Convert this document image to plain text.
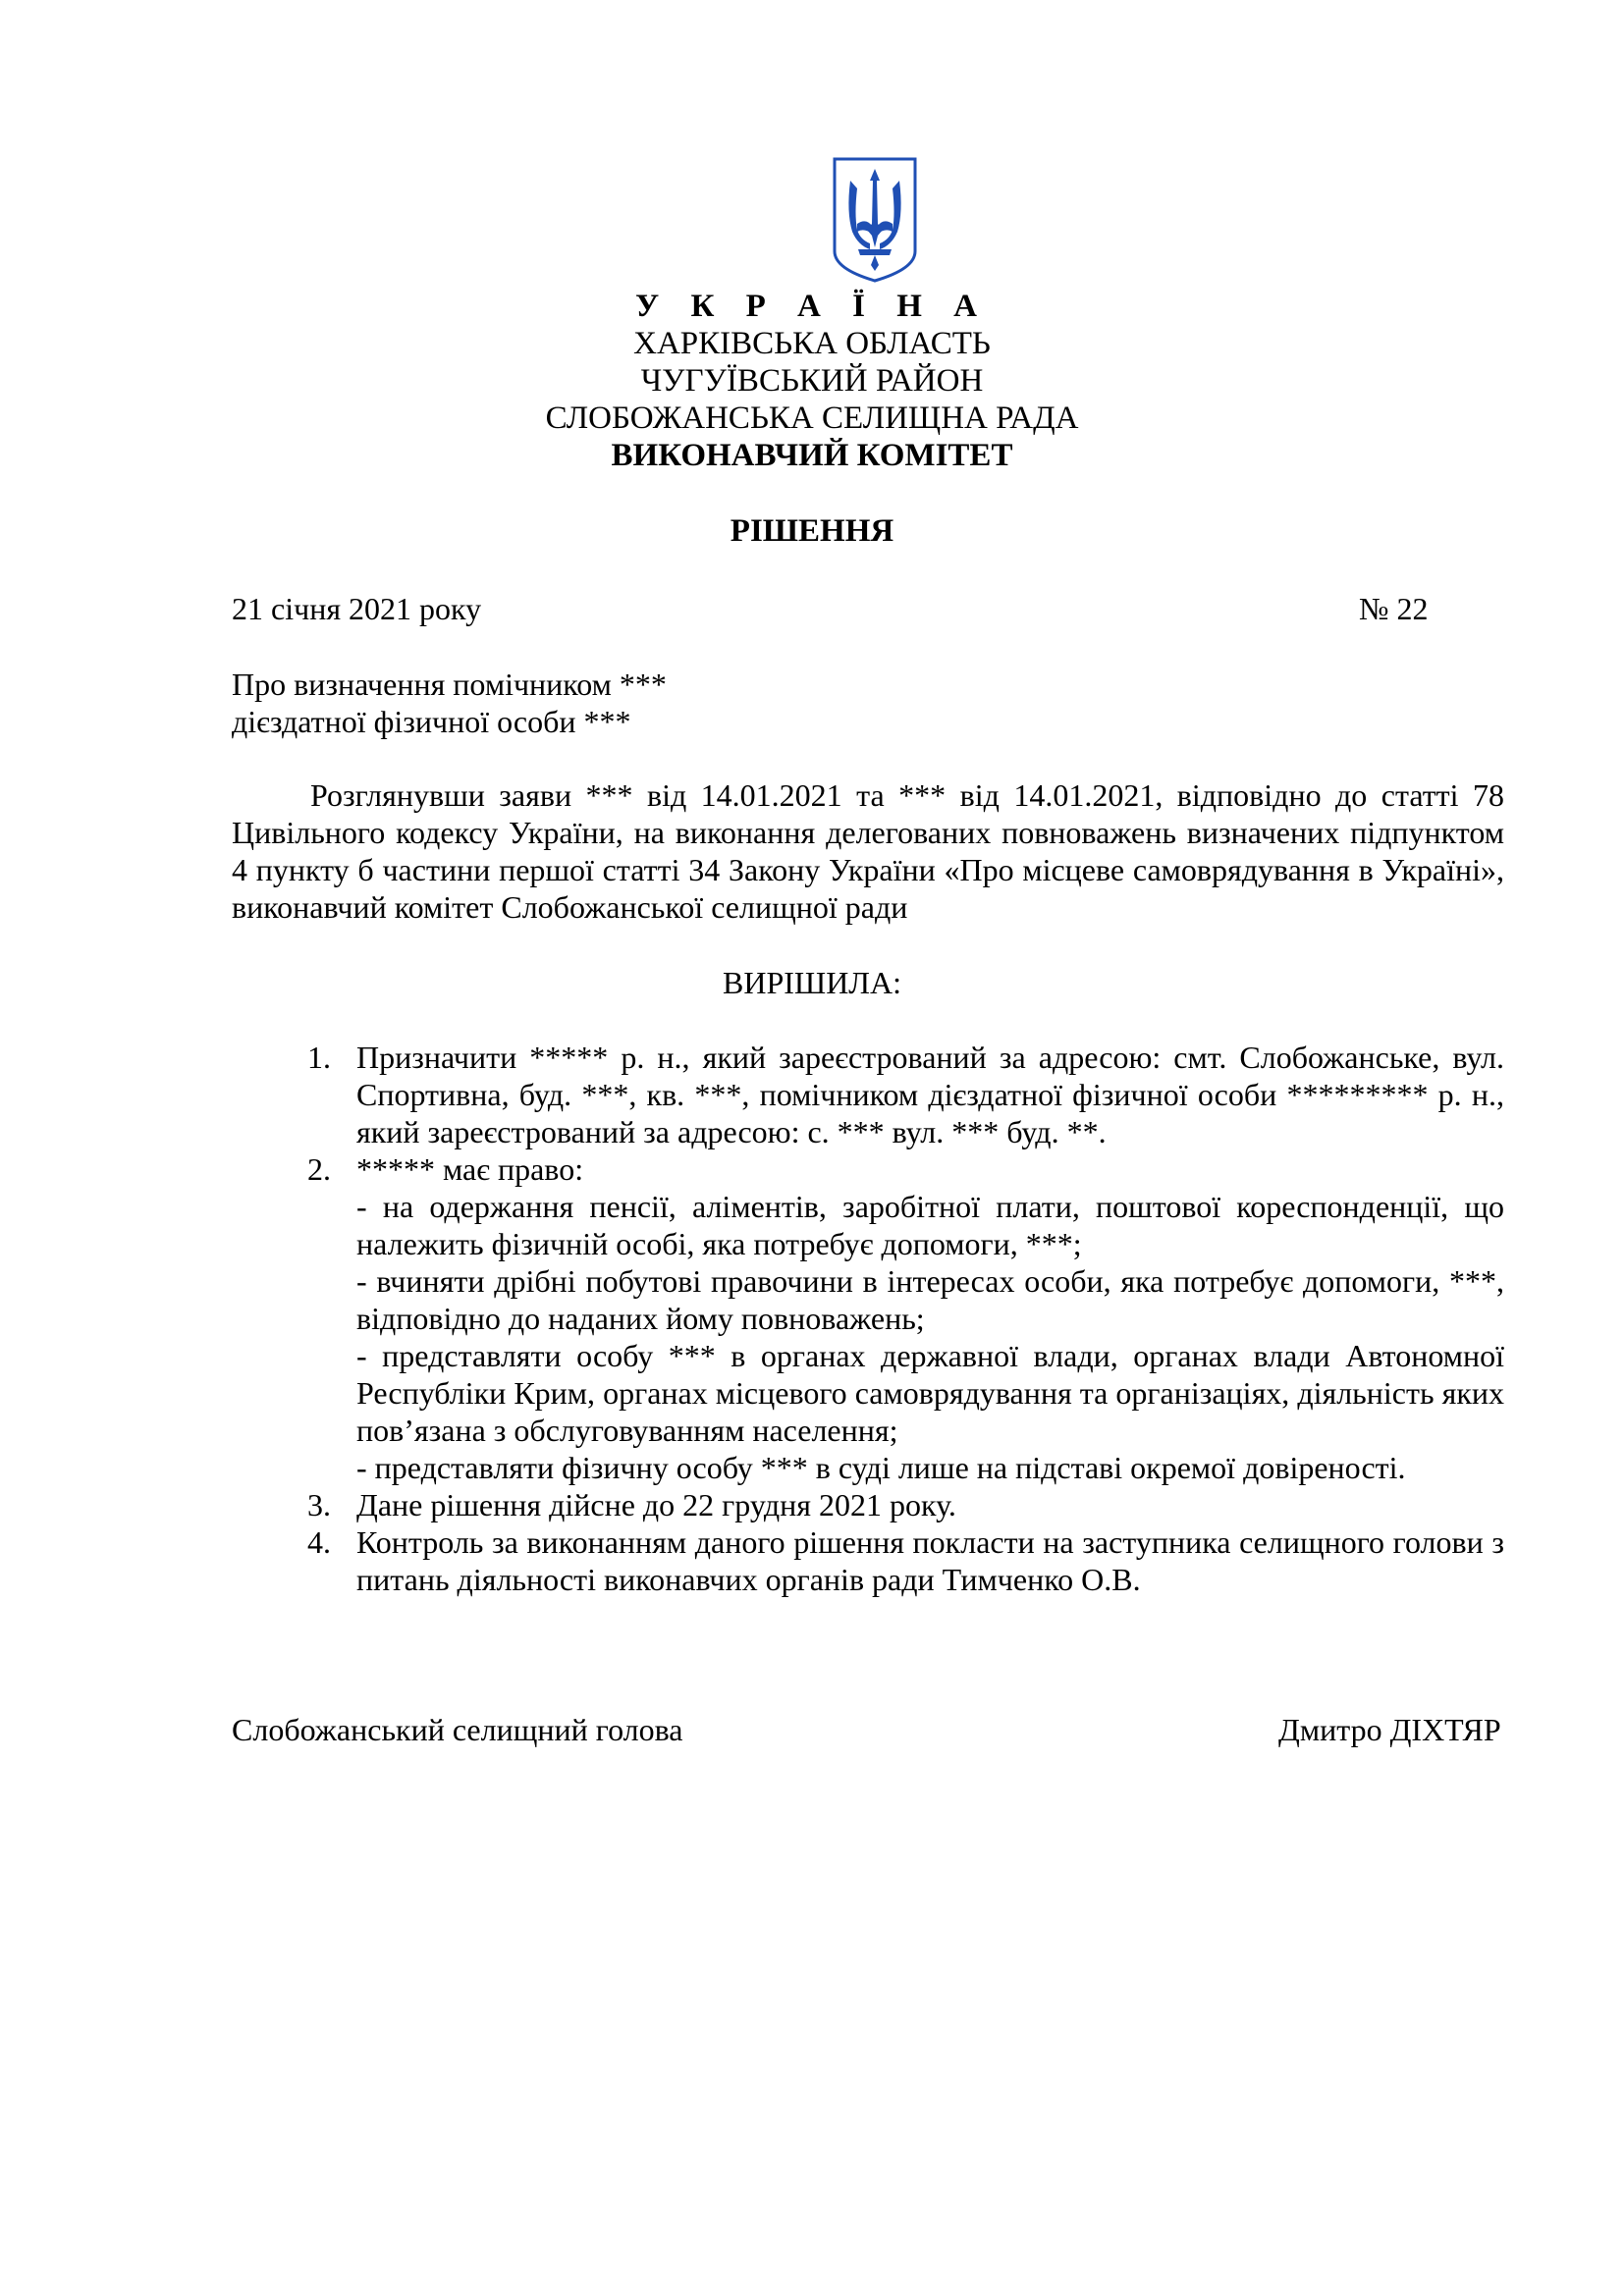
У К Р А Ї Н А
ХАРКІВСЬКА ОБЛАСТЬ
ЧУГУЇВСЬКИЙ РАЙОН
СЛОБОЖАНСЬКА СЕЛИЩНА РАДА
ВИКОНАВЧИЙ КОМІТЕТ
РІШЕННЯ
21 січня 2021 року	№ 22
Про визначення помічником ***
дієздатної фізичної особи ***

Розглянувши заяви *** від 14.01.2021 та *** від 14.01.2021, відповідно до статті 78 Цивільного кодексу України, на виконання делегованих повноважень визначених підпунктом 4 пункту б частини першої статті 34 Закону України «Про місцеве самоврядування в Україні», виконавчий комітет Слобожанської селищної ради

ВИРІШИЛА:
1. Призначити ***** р. н., який зареєстрований за адресою: смт. Слобожанське, вул. Спортивна, буд. ***, кв. ***, помічником дієздатної фізичної особи ********* р. н., який зареєстрований за адресою: с. *** вул. *** буд. **.
2. ***** має право:
- на одержання пенсії, аліментів, заробітної плати, поштової кореспонденції, що належить фізичній особі, яка потребує допомоги, ***;
- вчиняти дрібні побутові правочини в інтересах особи, яка потребує допомоги, ***, відповідно до наданих йому повноважень;
- представляти особу *** в органах державної влади, органах влади Автономної Республіки Крим, органах місцевого самоврядування та організаціях, діяльність яких пов’язана з обслуговуванням населення;
- представляти фізичну особу *** в суді лише на підставі окремої довіреності.
3. Дане рішення дійсне до 22 грудня 2021 року.
4. Контроль за виконанням даного рішення покласти на заступника селищного голови з питань діяльності виконавчих органів ради Тимченко О.В.
Слобожанський селищний голова	Дмитро ДІХТЯР
